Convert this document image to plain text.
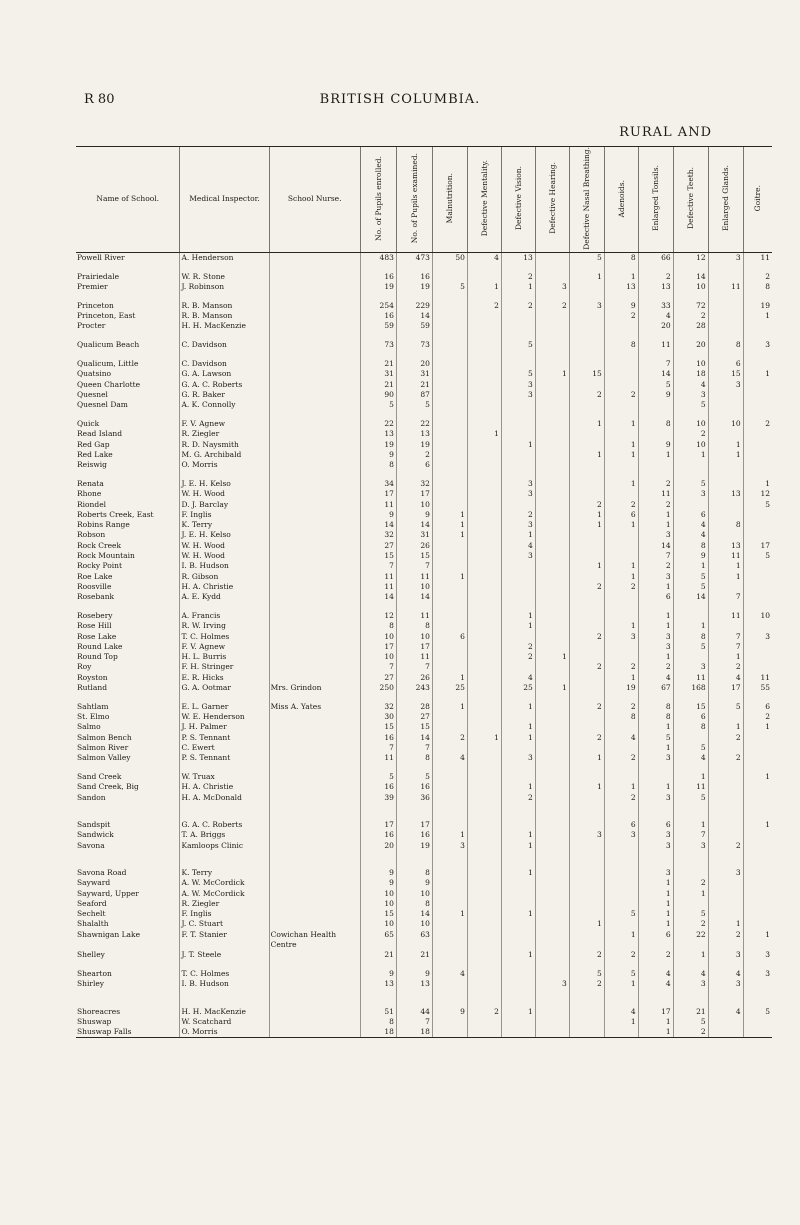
R 80	BRITISH COLUMBIA.
RURAL AND
Name of School.	Medical Inspector.	School Nurse.	No. of Pupils enrolled.	No. of Pupils examined.	Malnutrition.	Defective Mentality.	Defective Vision.	Defective Hearing.	Defective Nasal Breathing.	Adenoids.	Enlarged Tonsils.	Defective Teeth.	Enlarged Glands.	Goitre.
Powell River	A. Henderson		483	473	50	4	13		5	8	66	12	3	11

Prairiedale	W. R. Stone		16	16			2		1	1	2	14		2
Premier	J. Robinson		19	19	5	1	1	3		13	13	10	11	8

Princeton	R. B. Manson		254	229		2	2	2	3	9	33	72		19
Princeton, East	R. B. Manson		16	14						2	4	2		1
Procter	H. H. MacKenzie		59	59							20	28		

Qualicum Beach	C. Davidson		73	73			5			8	11	20	8	3

Qualicum, Little	C. Davidson		21	20							7	10	6	
Quatsino	G. A. Lawson		31	31			5	1	15		14	18	15	1
Queen Charlotte	G. A. C. Roberts		21	21			3				5	4	3	
Quesnel	G. R. Baker		90	87			3		2	2	9	3		
Quesnel Dam	A. K. Connolly		5	5								5		

Quick	F. V. Agnew		22	22					1	1	8	10	10	2
Read Island	R. Ziegler		13	13		1						2		
Red Gap	R. D. Naysmith		19	19			1			1	9	10	1	
Red Lake	M. G. Archibald		9	2					1	1	1	1	1	
Reiswig	O. Morris		8	6										

Renata	J. E. H. Kelso		34	32			3			1	2	5		1
Rhone	W. H. Wood		17	17			3				11	3	13	12
Riondel	D. J. Barclay		11	10					2	2	2			5
Roberts Creek, East	F. Inglis		9	9	1		2		1	6	1	6		
Robins Range	K. Terry		14	14	1		3		1	1	1	4	8	
Robson	J. E. H. Kelso		32	31	1		1				3	4		
Rock Creek	W. H. Wood		27	26			4				14	8	13	17
Rock Mountain	W. H. Wood		15	15			3				7	9	11	5
Rocky Point	I. B. Hudson		7	7					1	1	2	1	1	
Roe Lake	R. Gibson		11	11	1					1	3	5	1	
Roosville	H. A. Christie		11	10					2	2	1	5		
Rosebank	A. E. Kydd		14	14							6	14	7	

Rosebery	A. Francis		12	11			1				1		11	10
Rose Hill	R. W. Irving		8	8			1			1	1	1		
Rose Lake	T. C. Holmes		10	10	6				2	3	3	8	7	3
Round Lake	F. V. Agnew		17	17			2				3	5	7	
Round Top	H. L. Burris		10	11			2	1			1		1	
Roy	F. H. Stringer		7	7					2	2	2	3	2	
Royston	E. R. Hicks		27	26	1		4			1	4	11	4	11
Rutland	G. A. Ootmar	Mrs. Grindon	250	243	25		25	1		19	67	168	17	55

Sahtlam	E. L. Garner	Miss A. Yates	32	28	1		1		2	2	8	15	5	6
St. Elmo	W. E. Henderson		30	27						8	8	6		2
Salmo	J. H. Palmer		15	15			1				1	8	1	1
Salmon Bench	P. S. Tennant		16	14	2	1	1		2	4	5		2	
Salmon River	C. Ewert		7	7							1	5		
Salmon Valley	P. S. Tennant		11	8	4		3		1	2	3	4	2	

Sand Creek	W. Truax		5	5								1		1
Sand Creek, Big	H. A. Christie		16	16			1		1	1	1	11		
Sandon	H. A. McDonald		39	36			2			2	3	5		

Sandspit	G. A. C. Roberts		17	17						6	6	1		1
Sandwick	T. A. Briggs		16	16	1		1		3	3	3	7		
Savona	Kamloops Clinic		20	19	3		1				3	3	2	

Savona Road	K. Terry		9	8			1				3		3	
Sayward	A. W. McCordick		9	9							1	2		
Sayward, Upper	A. W. McCordick		10	10							1	1		
Seaford	R. Ziegler		10	8							1			
Sechelt	F. Inglis		15	14	1		1			5	1	5		
Shalalth	J. C. Stuart		10	10					1		1	2	1	
Shawnigan Lake	F. T. Stanier	Cowichan Health	65	63						1	6	22	2	1
		Centre												
Shelley	J. T. Steele		21	21			1		2	2	2	1	3	3

Shearton	T. C. Holmes		9	9	4				5	5	4	4	4	3
Shirley	I. B. Hudson		13	13				3	2	1	4	3	3	

Shoreacres	H. H. MacKenzie		51	44	9	2	1			4	17	21	4	5
Shuswap	W. Scatchard		8	7						1	1	5		
Shuswap Falls	O. Morris		18	18							1	2		
